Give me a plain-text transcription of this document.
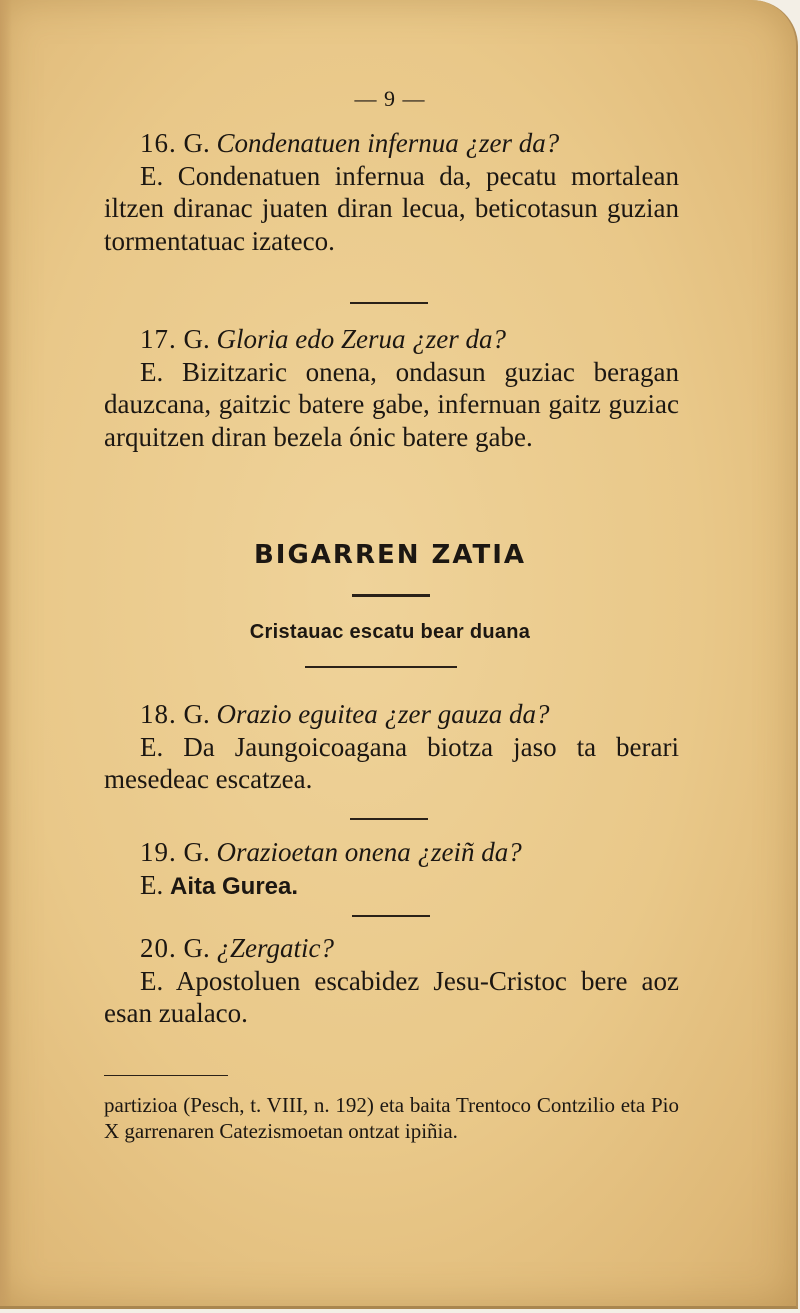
— 9 —
16. G. Condenatuen infernua ¿zer da?
E. Condenatuen infernua da, pecatu mortalean iltzen diranac juaten diran lecua, beticotasun guzian tormentatuac izateco.
17. G. Gloria edo Zerua ¿zer da?
E. Bizitzaric onena, ondasun guziac beragan dauzcana, gaitzic batere gabe, infernuan gaitz guziac arquitzen diran bezela ónic batere gabe.
BIGARREN ZATIA
Cristauac escatu bear duana
18. G. Orazio eguitea ¿zer gauza da?
E. Da Jaungoicoagana biotza jaso ta berari mesedeac escatzea.
19. G. Orazioetan onena ¿zeiñ da?
E. Aita Gurea.
20. G. ¿Zergatic?
E. Apostoluen escabidez Jesu-Cristoc bere aoz esan zualaco.
partizioa (Pesch, t. VIII, n. 192) eta baita Trentoco Contzilio eta Pio X garrenaren Catezismoetan ontzat ipiñia.
